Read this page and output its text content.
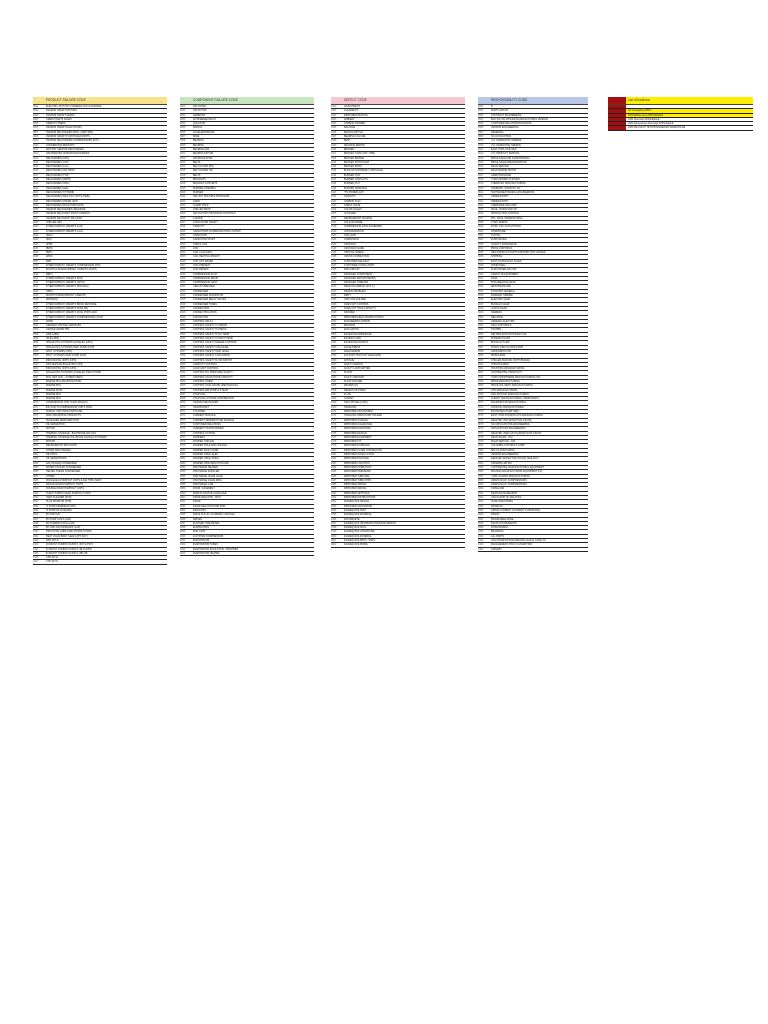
PRODUCT FAILURE CODE
0001	ELECTRIC, BUT NOT POWERED OR CLASSIFIED
0002	VENDOR CREDIT MOTORS
0003	VENDOR CREDIT SEARS
0004	CREDIT PARTS SALES
0005	CREDIT OTHERS
0006	VENDOR CREDIT ELECTRONIC
0007	VENDOR RECOVERIES MISC. (WRITTEN)
0008	VENDOR CREDIT PURCHASED PARTS
0009	VENDOR RECOVERIES COMPRESSORS (NOT)
0010	CONVERSION RETROFIT
0011	WHATSIT VENDOR RECOVERIES
0012	AIR DEFENSE VENDOR RECOVERIES
0013	RECOVERIES (ORC)
0014	RECOVERIES (UFC)
0015	RECOVERIES (LAA)
0016	RECOVERIES (AVT-WPR)
0017	RECOVERIES (TVR)
0018	RECOVERIES (WDRT)
0019	RECOVERIES (ORC)
0020	RECOVERIES (LEE)
0021	RECOVERIES (TITHUBB)
0022	RECOVERIES (DEA COIL UNITS ANNE)
0023	RECOVERIES (INSIDE UNIT)
0024	RECOVERIES (PACE PORTLAND)
0025	VENDOR RECOVERIES WEANDRE
0026	VENDOR RECOVERY FIRST COMPANY
0027	VENDOR RECOVERY MILLIGAN
0028	CHILLER ORC
0029	INTERCOMPANY CREDITS (LLB)
0030	INTERCOMPANY CREDITS (LLG)
0031	(DAC)
0032	(RCI)
0033	(RTB)
0034	(BPR)
0035	(BRT)
0036	(MSC)
0037	RMT
0038	INTERCOMPANY CREDITS COMPRESSOR (PRI)
0039	MONTH & INTERCOMPANY CREDITS (NORT)
0040	(RBC)
0041	INTERCOMPANY CREDITS (PAX)
0042	INTERCOMPANY CREDITS (APTG)
0043	INTERCOMPANY CREDITS (BOLWAN)
0044	(UPE)
0045	MONTH INTERCOMPANY CREDITS
0046	(RUBANO)
0047	INTERCOMPANY CREDITS BRIAN DENHARE
0048	INTERCOMPANY CREDITS PACE PRI
0049	INTERCOMPANY CREDITS PACE PORTLAND
0050	INTERCOMPANY CREDITS COMPRESSORS (NOP)
0051	(MCB)
0052	GENERAL TESTING SERVICES
0053	CRATED WARM TPR
0054	(LBE LABS)
0055	(RLB LABS)
0056	SINGLE PKG SYSTEMS GAS/ELEC (UPG)
0057	SINGLE PKG SYSTEMS HEAT PUMP (UPH)
0058	SPLIT SYSTEMS (UPS)
0059	SPLIT SYSTEMS HEAT PUMP (UPS)
0060	INDOOR PKG UNITS (UPS)
0061	UPS SERVICE BULLETINS (UPS)
0062	INDOOR PKG UNITS (UPS)
0063	SINGLE PKG SYSTEMS GAS/ELEC (HEAT PUMP)
0064	PKG UNIT COIL - OTHER (FRES)
0065	MARINE PKG RECIPROCATING
0066	MARINE PKG
0067	MARINE FANS
0068	MARINE PKG
0069	MARINE PKG
0070	COMPRESSOR UNIT (CARL PHILLIS)
0071	INC ACID IN COMPRESSOR UNITS (PRS)
0072	SCROLL UNIT PACE PORTLAND
0073	MISC INDUSTRIAL PRODUCTS
0074	PACKAGED REFRIGERATION
0075	OIL SEPARATOR
0076	MOTOR
0077	THERMAL STORAGE - BALTIMORE AIR COIL
0078	THERMAL STORAGE ICE (PKGS) ICE BALL SYSTEMS
0079	MOTOR
0080	REFRIGERANT RECOVERY
0081	OTHER RECOVERIES
0082	OIL PPKG
0083	OIL SEPARATORS
0084	AIR COOLED CONDENSER
0085	WATER COOLED CONDENSER
0086	HELTEC STEAM CONDENSER
0087	OTHER
0088	PACKAGE & PUMPOUT UNITS & ICE THRU SERV
0089	SINGLE DRUM PUMPOUT UNITS
0090	DOUBLE DRUM PUMPOUT UNITS
0091	HI EFF TURBO CLEAN PUMPOUT (DRT)
0092	VERT CLEANER (PVR)
0093	PLUS MONITOR (PVR)
0094	IT PUMP HEMIDENA (DRT)
0095	IT PUMP HILO-DRAINS
0096	IPI CHR 6LB
0097	IPI PUMP COILS (LAR)
0098	IPI PUMPER COILS (LAR)
0099	IPI CMP-AIR HANDLERS (LAR)
0100	INDUCTION LABS (LAR) WITHOUT FANS
0101	HEAT VALVE BODY SEALS (IPT-SGT)
0102	NPG 4FT-N
0103	IN FRONT COMPR FOUND 5, 4FT-N (PDT)
0104	IN FRONT COMPR FOUND 8, 3B-N (DRT)
0105	IN FRONT COMPR FOUND 9, 3BK 4B
0106	CTB 4FT-N
0107	CTB 4FT-N
COMPONENT FAILURE CODE
0000	AIR FILTER
0001	AIR MOTOR
0002	AMMETER
0003	ANTIFREEZE RELAY
0004	AQUASTAT
0005	BAFFLE
0006	ACCELEROMETER
0007	BASE
0008	BEARING
0009	BEARING
0010	BEARING ASS
0011	BEARING MOTOR
0012	AIR REGULATOR
0013	BELTS
0014	BELT GUARD (BN)
0015	BELT GUARD ITD
0016	BELTS
0017	BRACKETS
0018	BRACKET & PB SETS
0019	BURNER ASSEMBLY
0020	BURNER
0021	AIR UNIT MULTIPLE PROBLEMS
0022	CARD
0023	CLAMP HOLD
0024	CHILLER PROP
0025	AIR FACTORY MOUNTED CONTROLS
0026	CLEVER
0027	CHAIN DOOR SAFETY
0028	CAPACITY
0029	CAPACITORS (COMMUNICATION, FILTER)
0030	CAPACITOR
0031	CAPACITOR START
0032	CHECK COIL
0033	COIL
0034	COIL CLOGGING
0035	COIL HEATING WINDOT
0036	COIL HOT WATER
0037	COIL PREHEAT
0038	COIL REHEAT
0039	COMPRESSOR ALTO
0040	COMPRESSOR RECIP
0041	COMPRESSOR CENT
0042	CIRCUIT BREAKER
0043	CONDENSER
0044	CONDENSER FAN MOTOR
0045	CONDENSER RELAY VALVES
0046	CONDENSER TUBES
0047	CONNECTION
0048	CONNECTING RODS
0049	CONTACTOR
0050	CONTROL RELAY
0051	CONTROL SAFETY LO PRESS
0052	CONTROL SAFETY HI PRESS
0053	CONTROL SAFETY HI OIL TEMP
0054	CONTROL SAFETY HI DISCH TEMP
0055	CONTROL SAFETY FREEZE CONTROL
0056	CONTROL SAFETY LOW LEVEL
0057	CONTROL SAFETY HIGH LEVEL
0058	CONTROL SAFETY LOW WATER
0059	CONTROL SAFETY FLOW SWITCH
0060	CAPACITY CONTROL
0061	LOAD LIMIT CONTROL
0062	CONTROL OIL PRESSURE SAFETY
0063	CONTROL SOLID STATE CAPACITY
0064	CONTROL TIMER
0065	CONTROL UNCLOSURE (MECHANICAL)
0066	CONTROLLER PUMP & STEAM
0067	COUPLING
0068	COUPLING SYSTEM COMPRESSOR
0069	CRANKCASE HEATER
0070	CRANKSHAFT
0071	CYLINDER
0072	CURRENT MODULE
0073	CURRENT/TEMPERATURE MODULE
0074	CUSTOMER RELATIONS
0075	CURRENT TRANSFORMER
0076	CONTROL SYSTEM
0077	DAMPERS
0078	DAMPER LINKAGE
0079	DAMPER HOLE AND LINKAGE
0080	DAMPER INLET CONE
0081	DAMPER OPEN, ELEC
0082	DAMPER OPEN, PNEU
0083	DAMPER (PNE INDUCTION AIR)
0084	DISCHARGE HEADER
0085	DISCHARGE MUFFLER
0086	DISCHARGE VALVE CAGE
0087	DISCHARGE VALVE RING
0088	DISCHARGE LINE
0089	DOOR / ASSEMBLY
0090	DISPLAY DEVICE LANGUAGE
0091	DIODE REACTOR - MOD
0092	DIODE
0093	DIODE REACTOR PWR MOD
0094	DRAIN PAN
0095	DRIVE PULLEY (CARRIER, LINKAGE)
0096	DRIVES
0097	ELAPSED TIME METER
0098	ELIMINATORS
0099	END CAPS
0100	E-SYSTEM COMPRESSOR
0101	EVAPORATOR
0102	EVAPORATOR TUBES
0103	EVAPORATOR INSULATION / WRAPPER
0104	EVAPORATOR HEATER
DEFECT CODE
0100	ADJUSTMENT
0101	ALIGNMENT
0102	IMPROPER HEATING
0103	AMBIENT
0104	CARBON FORMED
0105	BALANCE
0106	BAFFLE RATTLE
0107	BEARING FAILURE
0108	BENT
0109	WELDING ERROR
0110	BROKEN
0111	BROKEN CAPILLARY TUBE
0112	BROKEN BRIDGE
0113	BROKEN PISTON RAP
0114	BROKEN RODS
0115	BULB NOT PROPERLY INSTALLED
0116	BURNED COIL
0117	BURNED CONTACTS
0118	BURNED OUT
0119	BURNED WINDINGS
0120	"TO POWER AUX"
0121	CAPACITY
0122	CARBON FILM
0123	CHECK VALVE
0124	COLOR GAGES
0125	CLOGGED
0126	REFRIGERANT CHARGE
0127	COLLAR FRAME
0128	COMPRESSOR RATE EXCEEDED
0129	CONTAMINATION
0130	COIL LEAK
0131	CORROSION
0132	CRACKED
0133	CRACKED FLARE
0134	CRITICAL SPEED
0135	CROSS CONNECTION
0136	CUSTOMER NEGLECT
0137	CUSTOMER CONCLUSION
0138	DAM CIRCUIT
0139	DAMAGED COMPONENT
0140	DAMAGED RETURN BENDS
0141	DAMAGED THREADS
0142	DEAD ON ARRIVAL (D.O.A.)
0143	DESIGN PROBLEM
0144	DIRTY
0145	UNIT LIFE FAILURE
0146	DOES NOT CONTROL
0147	DOES NOT HAVE CAPACITY
0148	DRAINED
0149	IMPROPER FIELD MODIFICATIONS
0150	ENGINEERING ERROR
0151	EROSION
0152	EVALUATION
0153	EXCESSIVE AMPERAGE
0154	EXCESS LOAD
0155	EXCESSIVE RUNOUT
0156	FALSE PRESS
0157	FIELD ERROR
0158	FACTORY TEST NOT ADEQUATE
0159	FATIGUE
0160	FAULTY DESIGN
0161	FAULTY LAMP MATTER
0162	FLOOD
0163	FAULTY SENSOR
0164	FLOAT FAILURE
0165	FROZEN UP
0166	DEFECTIVE TIMER
0167	FLOW
0168	GASKET
0169	HALF PHASE (LOSS)
0170	HANDLING
0171	IMPROPER ADJUSTMENT
0172	HANDLING OPEN PUMP HOLDER
0173	IMPROPER CHARGE
0174	IMPROPER CLEARANCE
0175	IMPROPER DIAGNOSIS
0176	IMPROPER DESIGN
0177	IMPROPER EQUIPMENT
0178	IMPROPER FIT
0179	IMPROPER HANDLING
0180	IMPROPER FLARE CONNECTION
0181	IMPROPER INSTALLATION
0182	IMPROPER PACKAGE
0183	IMPROPER LOCATION
0184	IMPROPER OPERATION
0185	IMPROPER PRESSURE
0186	IMPROPER TUBE SEE
0187	IMPROPER TUBE SHIP'L
0188	IMPROPER WIRING
0189	IMPROPER WIRING
0190	IMPROPER SETTINGS
0191	IMPROPER INSTRUCTIONS
0192	INADEQUATE DESIGN
0193	IMPROPER GROUNDING
0194	INADEQUATE TEST
0195	INADEQUATE MATERIAL
0196	INCOMPLETE
0197	INADEQUATE INFORMATION/DESIGN ERROR
0198	INADEQUATE SKILL
0199	INADEQUATE LITERATURE
0200	INADEQUATE MATERIAL
0201	INADEQUATE PROC. SHIP'L
0202	INADEQUATE PRIME
RESPONSIBILITY CODE
0001	R
0002	PARTS GROUP
0003	CONTRACT ENGINEERING
0004	BAC INC OR APPLIED MANUFACTURING VENDOR
0005	CUSTOMER RELATIONS/DIVISIONS
0006	VENDOR ENGINEERING
0007	DEFERRAL
0008	NO ACCOUNTING
0009	U.S. MARKETING ORDERS
0010	U.S. MARKETING SPEEDS
0011	EAST YORK COIL MFG
0012	U.S. PRODUCT SERVICE
0013	PRICE SALES AIR CONDITIONING
0014	PRICE SALES REFRIGERATION
0015	FIELD SERVICE
0016	FIELD REPAIR SHOPS
0017	CREDIT/FINANCE
0018	YORK MARINE SYSTEMS
0019	CHEMPLEX MANUFACTURING
0020	HAMBURG, WALBURY NC
0021	SOFTWARE/INTEGRAL ENGINEERING
0022	ORDER ENTRY
0023	ORDER ENTRY
0024	CHEROKEE WILLIAMS
0025	PACE - PORTLAND OR
0026	PRODUCTION CONTROL
0027	PPL, PACE, WAREHOUSING
0028	YORK WORKS
0029	MUSC, PRI, SAN ANTONIO
0030	LITERATURE
0031	TUTHILL
0032	PURCHASING
0033	QUALITY ASSURANCE
0034	PRICE CONTROLS
0035	NEW PRODUCT PARTS DISTRIBUTION CENTER
0036	SHIPPING
0037	EAST COAST/GULF SALES
0038	HONEYWELL
0039	PURCHASED AIR UNIT
0040	LIFESTYLE EQUIPMENT
0041	SANA
0042	PHILADELPHIA GEAR
0043	WESTINGHOUSE
0044	SYNCHRO GENERAL
0045	DAIMLER TURBINE
0046	ELECTRIC GEAR
0047	BUFFALO GEAR
0048	LUFKIN GEAR
0049	SIEMENS
0050	RELIANCE
0051	GENERAL ELECTRIC
0052	GAUL CONTROLS
0053	TOSHIBA
0054	DELTROL/DISCONTINUED USE
0055	PHOENIX PLANT
0056	BUFFALO PUMP
0057	ANSCO CIRCULATOR PUMP
0058	GROUNDFOS INC
0059	MODULARM
0060	CHILLER PACKING (WITH BRAND)
0061	HITACHI JAPAN
0062	HOUSTON MANUFACTURING
0063	CONTINENTAL PRODUCTS
0064	YORK INTERTHERM MANUFACTURING INC
0065	PRICE MANUFACTURING
0066	PRICE SOL WEST MANUFACTURING
0067	UPS MANUFACTURING
0068	SAN ANTONIO MANUFACTURING
0069	ALBANY MANUFACTURING (TEMPORARY)
0070	WAUKESHA MANUFACTURING
0071	LINHOTAL MANUFACTURING
0072	MATHUSAIN PUMP (WB)
0073	EAST YORK DIVISION UPS MANUFACTURING
0074	DELETED USE (EFFECTIVE 3/31/99)
0075	NO APPLICATIONS ENGINEERING
0076	APPLICATIONS ENGINEERING
0077	DELETED USED (UCCS) EFFECTIVE 3/31/99
0078	FIELD SALES - NOI
0079	FIELD SERVICE - NOI
0080	COLUMBIA CONTROLS CORP
0081	BALT & ASSOCIATES
0082	VENDOR ENGINEERING
0083	DELETED (EFFECTIVE 3/31/99) (SEE PAX)
0084	CATERPILLAR INC
0085	CONTINENTAL MANUFACTURING EQUIPMENT
0086	FRANCE MANUFACTURING EQUIPMENT (LF)
0087	YORK CANADA MANUFACTURING
0088	OMAHA MULTI COMPRESSORS
0089	OMAHA MULTI COMPRESSORS
0090	COPELAND
0091	DANFOSS MANEUROP
0092	USA ISLAND OF MALAYSIA
0093	HUSE INDUSTRIES
0094	SPORLAN
0095	CRISIS CURRENT (CURRENT & WINDOWS)
0096	DAIKIN
0097	FRIGIDAIRE/LANNE
0098	TEXAS INSTRUMENTS
0099	FISKE BOWEN
0100	BRANDING
0101	A.E. PARTS
0102	USA INTERNATIONAL/BEIJING LEUNG CARE CO
0103	MANAGEMENT POLICY EXCEPTION
0104	UNIGERY
List of locations
No Competitive WHO
2018 Willow Acres WHOLESALE
2302 Riverside WHOLESALE
2322 Albuquerque Riverside WHOLESALE
2360 MILLS/UPT SHOPPING/REPAIR WAREHOUSE
